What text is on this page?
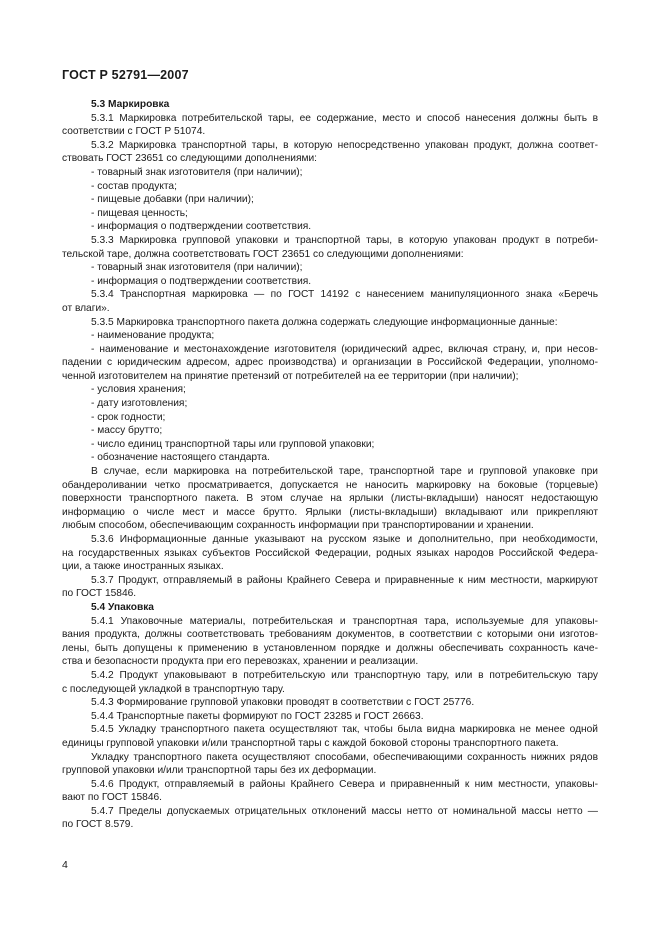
ГОСТ Р 52791—2007
5.3 Маркировка
5.3.1 Маркировка потребительской тары, ее содержание, место и способ нанесения должны быть в
соответствии с ГОСТ Р 51074.
5.3.2 Маркировка транспортной тары, в которую непосредственно упакован продукт, должна соответ-
ствовать ГОСТ 23651 со следующими дополнениями:
- товарный знак изготовителя (при наличии);
- состав продукта;
- пищевые добавки (при наличии);
- пищевая ценность;
- информация о подтверждении соответствия.
5.3.3 Маркировка групповой упаковки и транспортной тары, в которую упакован продукт в потреби-
тельской таре, должна соответствовать ГОСТ 23651 со следующими дополнениями:
- товарный знак изготовителя (при наличии);
- информация о подтверждении соответствия.
5.3.4 Транспортная маркировка — по ГОСТ 14192 с нанесением манипуляционного знака «Беречь
от влаги».
5.3.5 Маркировка транспортного пакета должна содержать следующие информационные данные:
- наименование продукта;
- наименование и местонахождение изготовителя (юридический адрес, включая страну, и, при несов-
падении с юридическим адресом, адрес производства) и организации в Российской Федерации, уполномо-
ченной изготовителем на принятие претензий от потребителей на ее территории (при наличии);
- условия хранения;
- дату изготовления;
- срок годности;
- массу брутто;
- число единиц транспортной тары или групповой упаковки;
- обозначение настоящего стандарта.
В случае, если маркировка на потребительской таре, транспортной таре и групповой упаковке при
обандероливании четко просматривается, допускается не наносить маркировку на боковые (торцевые)
поверхности транспортного пакета. В этом случае на ярлыки (листы-вкладыши) наносят недостающую
информацию о числе мест и массе брутто. Ярлыки (листы-вкладыши) вкладывают или прикрепляют
любым способом, обеспечивающим сохранность информации при транспортировании и хранении.
5.3.6 Информационные данные указывают на русском языке и дополнительно, при необходимости,
на государственных языках субъектов Российской Федерации, родных языках народов Российской Федера-
ции, а также иностранных языках.
5.3.7 Продукт, отправляемый в районы Крайнего Севера и приравненные к ним местности, маркируют
по ГОСТ 15846.
5.4 Упаковка
5.4.1 Упаковочные материалы, потребительская и транспортная тара, используемые для упаковы-
вания продукта, должны соответствовать требованиям документов, в соответствии с которыми они изготов-
лены, быть допущены к применению в установленном порядке и должны обеспечивать сохранность каче-
ства и безопасности продукта при его перевозках, хранении и реализации.
5.4.2 Продукт упаковывают в потребительскую или транспортную тару, или в потребительскую тару
с последующей укладкой в транспортную тару.
5.4.3 Формирование групповой упаковки проводят в соответствии с ГОСТ 25776.
5.4.4 Транспортные пакеты формируют по ГОСТ 23285 и ГОСТ 26663.
5.4.5 Укладку транспортного пакета осуществляют так, чтобы была видна маркировка не менее одной
единицы групповой упаковки и/или транспортной тары с каждой боковой стороны транспортного пакета.
Укладку транспортного пакета осуществляют способами, обеспечивающими сохранность нижних рядов
групповой упаковки и/или транспортной тары без их деформации.
5.4.6 Продукт, отправляемый в районы Крайнего Севера и приравненный к ним местности, упаковы-
вают по ГОСТ 15846.
5.4.7 Пределы допускаемых отрицательных отклонений массы нетто от номинальной массы нетто —
по ГОСТ 8.579.
4
